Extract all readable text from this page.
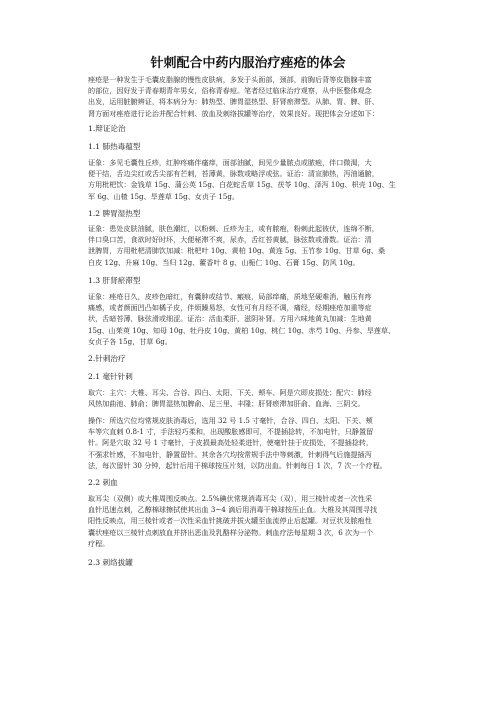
针刺配合中药内服治疗痤疮的体会
痤疮是一种发生于毛囊皮脂腺的慢性皮肤病，多发于头面部，颈部，前胸后背等皮脂腺丰富
的部位，因好发于青春期青年男女，俗称青春痘。笔者经过临床治疗观察，从中医整体观念
出发，运用脏腑辨证，将本病分为：肺热型、脾胃湿热型、肝肾瘀滞型。从肺、胃、脾、肝、
肾方面对痤疮进行论治并配合针刺、放血及刺络拔罐等治疗，效果良好。现把体会分述如下：
1.辩证论治
1.1 肺热毒蕴型
证象：多见毛囊性丘疹，红肿疼痛伴瘙痒，面部油腻，间见少量脓点或脓疱，伴口微渴，大
便干结，舌边尖红或舌尖部有芒刺，苔薄黄，脉数或略浮或弦。证治：清宣肺热，泻油通腑，
方用枇杷饮：金钱草 15g、蒲公英 15g、白花蛇舌草 15g、茯苓 10g、泽泻 10g、枳壳 10g、生
军 6g、山楂 15g、旱莲草 15g、女贞子 15g。
1.2 脾胃湿热型
证象：患处皮肤油腻，肤色潮红，以粉刺、丘疹为主，或有脓疱，粉刺此起彼伏，连绵不断，
伴口臭口苦，食欲时好时坏，大便秘滞不爽，尿赤，舌红苔黄腻，脉弦数或滑数。证治：清
泄脾胃，方用枇杷清肺饮加减：枇杷叶 10g、黄柏 10g、黄连 5g、玉竹参 10g、甘草 6g、桑
白皮 12g、升麻 10g、当归 12g、藿香叶 8 g、山栀仁 10g、石膏 15g、防风 10g。
1.3 肝肾瘀滞型
证象：痤疮日久，皮疹色暗红，有囊肿或结节、瘢痕，局部痒痛，质地坚硬难消，触压有疼
痛感，或者颜面凹凸如橘子皮，伴烦躁易怒，女性可有月经不调，痛经，经期痤疮加重等症
状，舌暗苔薄，脉弦滑或细涩。证治：活血柔肝，滋阴补肾。方用六味地黄丸加减：生地黄
15g、山茱萸 10g、知母 10g、牡丹皮 10g、黄柏 10g、桃仁 10g、赤芍 10g、丹参、旱莲草、
女贞子各 15g，甘草 6g。
2.针刺治疗
2.1 毫针针刺
取穴：主穴：大椎、耳尖、合谷、四白、太阳、下关、颊车、阿是穴即皮损处；配穴：肺经
风热加曲池、肺俞；脾胃湿热加脾俞、足三里、丰隆；肝肾瘀滞加肝俞、血海、三阴交。
操作：所选穴位均常规皮肤消毒后，选用 32 号 1.5 寸毫针，合谷、四白、太阳、下关、颊
车等穴直刺 0.8-1 寸，手法轻巧柔和，出现酸胀感即可，不提插捻转，不加电针，只静置留
针。阿是穴取 32 号 1 寸毫针，于皮损最高处轻柔进针，使毫针挂于皮损处，不提插捻转，
不强求针感，不加电针，静置留针。其余各穴均按常规手法中等刺激，针刺得气后施提插泻
法，每次留针 30 分钟，起针后用干棉球按压片刻，以防出血。针刺每日 1 次，7 次一个疗程。
2.2 刺血
取耳尖（双侧）或大椎周围反映点。2.5%碘伏常规消毒耳尖（双），用三棱针或者一次性采
血针迅速点刺，乙醇棉球擦拭使其出血 3~4 滴后用消毒干棉球按压止血。大椎及其周围寻找
阳性反映点，用三棱针或者一次性采血针挑破并拔火罐至血流停止后起罐。对豆状及脓疱性
囊状痤疮以三棱针点刺放血并挤出恶血及乳酪样分泌物。刺血疗法每星期 3 次，6 次为一个
疗程。
2.3 刺络拔罐
